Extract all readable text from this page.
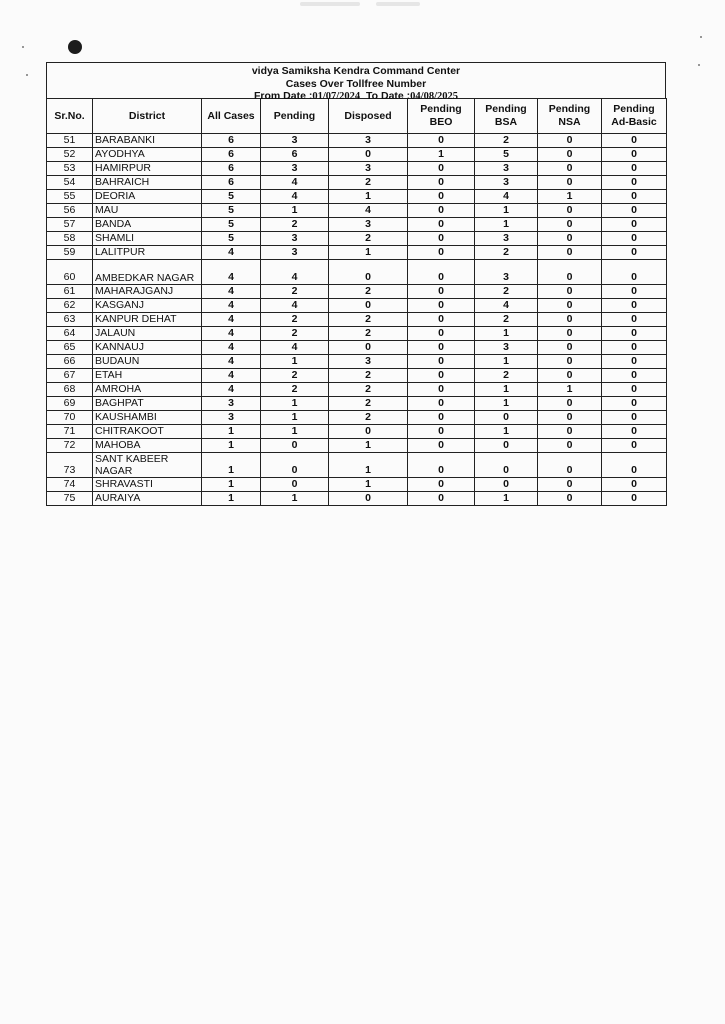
vidya Samiksha Kendra Command Center
Cases Over Tollfree Number
From Date :01/07/2024 To Date :04/08/2025
Sr.No.	District	All Cases	Pending	Disposed	Pending BEO	Pending BSA	Pending NSA	Pending Ad-Basic
51	BARABANKI	6	3	3	0	2	0	0
52	AYODHYA	6	6	0	1	5	0	0
53	HAMIRPUR	6	3	3	0	3	0	0
54	BAHRAICH	6	4	2	0	3	0	0
55	DEORIA	5	4	1	0	4	1	0
56	MAU	5	1	4	0	1	0	0
57	BANDA	5	2	3	0	1	0	0
58	SHAMLI	5	3	2	0	3	0	0
59	LALITPUR	4	3	1	0	2	0	0
60	AMBEDKAR NAGAR	4	4	0	0	3	0	0
61	MAHARAJGANJ	4	2	2	0	2	0	0
62	KASGANJ	4	4	0	0	4	0	0
63	KANPUR DEHAT	4	2	2	0	2	0	0
64	JALAUN	4	2	2	0	1	0	0
65	KANNAUJ	4	4	0	0	3	0	0
66	BUDAUN	4	1	3	0	1	0	0
67	ETAH	4	2	2	0	2	0	0
68	AMROHA	4	2	2	0	1	1	0
69	BAGHPAT	3	1	2	0	1	0	0
70	KAUSHAMBI	3	1	2	0	0	0	0
71	CHITRAKOOT	1	1	0	0	1	0	0
72	MAHOBA	1	0	1	0	0	0	0
73	SANT KABEER NAGAR	1	0	1	0	0	0	0
74	SHRAVASTI	1	0	1	0	0	0	0
75	AURAIYA	1	1	0	0	1	0	0
